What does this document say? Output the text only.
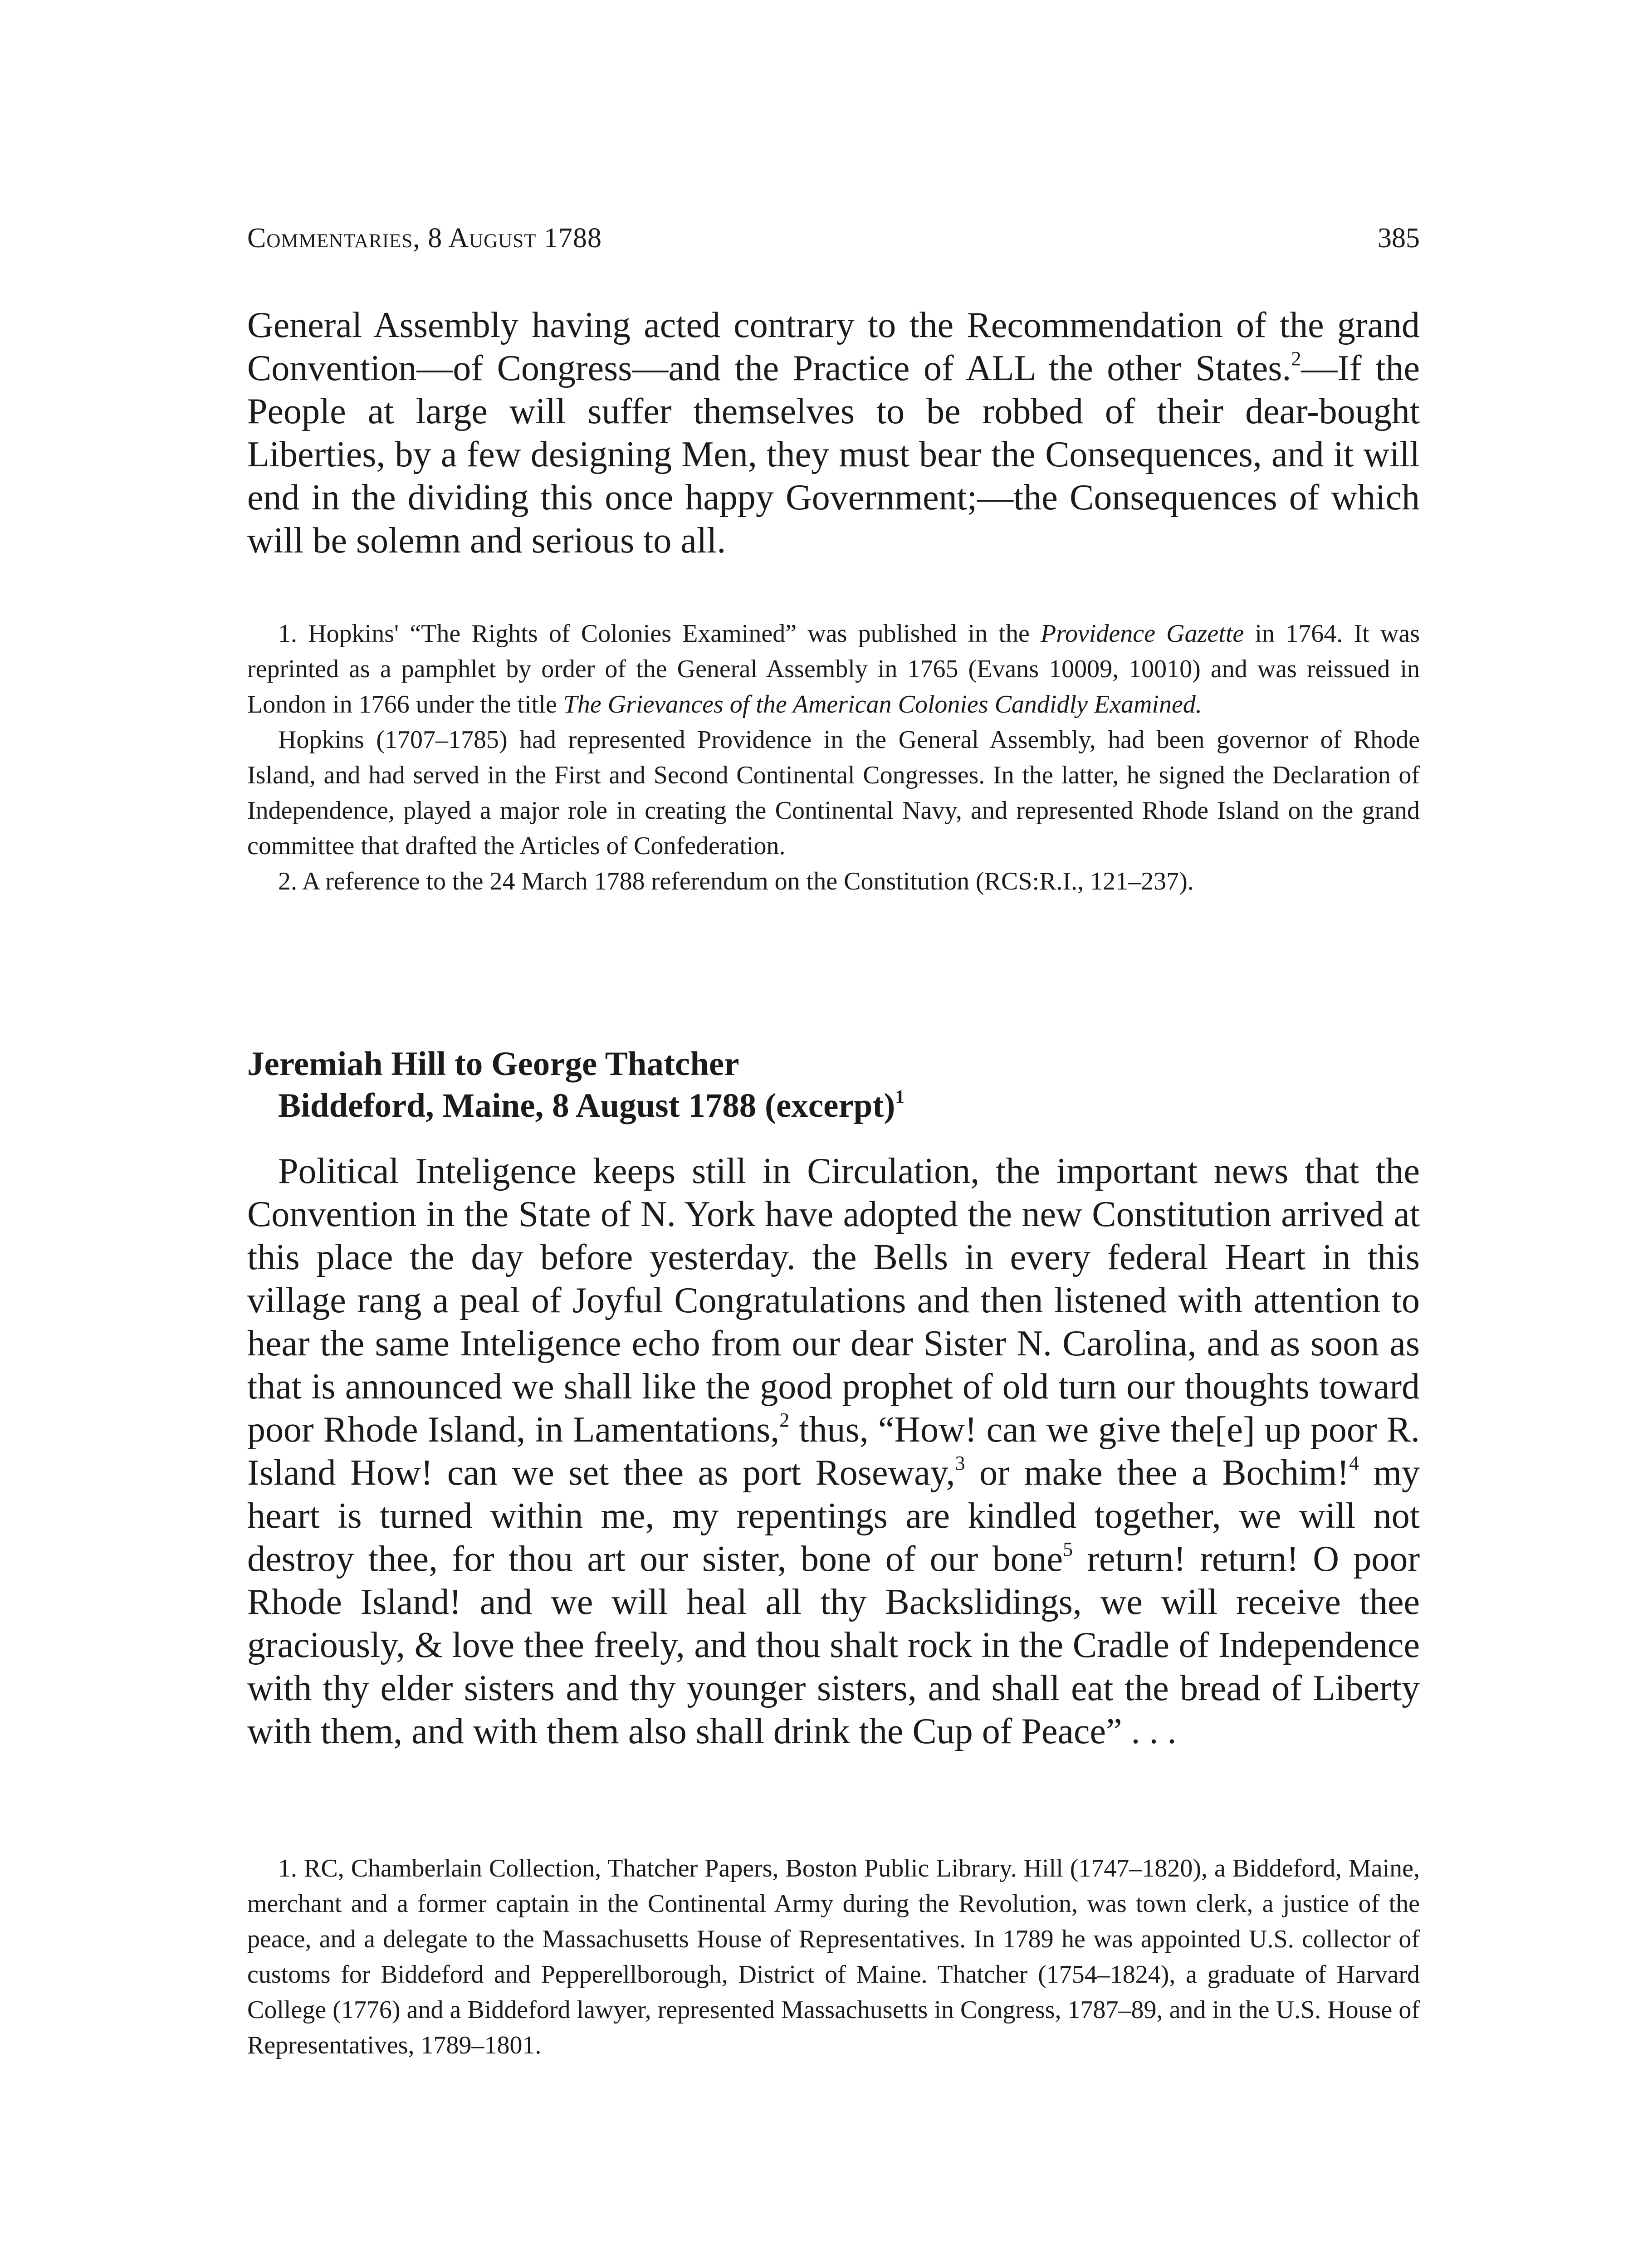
Commentaries, 8 August 1788	385

General Assembly having acted contrary to the Recommendation of the grand Convention—of Congress—and the Practice of ALL the other States.$^2$—If the People at large will suffer themselves to be robbed of their dear-bought Liberties, by a few designing Men, they must bear the Consequences, and it will end in the dividing this once happy Government;—the Consequences of which will be solemn and serious to all.

1. Hopkins' “The Rights of Colonies Examined” was published in the Providence Gazette in 1764. It was reprinted as a pamphlet by order of the General Assembly in 1765 (Evans 10009, 10010) and was reissued in London in 1766 under the title The Grievances of the American Colonies Candidly Examined.

Hopkins (1707–1785) had represented Providence in the General Assembly, had been governor of Rhode Island, and had served in the First and Second Continental Congresses. In the latter, he signed the Declaration of Independence, played a major role in creating the Continental Navy, and represented Rhode Island on the grand committee that drafted the Articles of Confederation.

2. A reference to the 24 March 1788 referendum on the Constitution (RCS:R.I., 121–237).

Jeremiah Hill to George Thatcher
Biddeford, Maine, 8 August 1788 (excerpt)$^1$

Political Inteligence keeps still in Circulation, the important news that the Convention in the State of N. York have adopted the new Constitution arrived at this place the day before yesterday. the Bells in every federal Heart in this village rang a peal of Joyful Congratulations and then listened with attention to hear the same Inteligence echo from our dear Sister N. Carolina, and as soon as that is announced we shall like the good prophet of old turn our thoughts toward poor Rhode Island, in Lamentations,$^2$ thus, “How! can we give the[e] up poor R. Island How! can we set thee as port Roseway,$^3$ or make thee a Bochim!$^4$ my heart is turned within me, my repentings are kindled together, we will not destroy thee, for thou art our sister, bone of our bone$^5$ return! return! O poor Rhode Island! and we will heal all thy Backslidings, we will receive thee graciously, & love thee freely, and thou shalt rock in the Cradle of Independence with thy elder sisters and thy younger sisters, and shall eat the bread of Liberty with them, and with them also shall drink the Cup of Peace” . . .

1. RC, Chamberlain Collection, Thatcher Papers, Boston Public Library. Hill (1747–1820), a Biddeford, Maine, merchant and a former captain in the Continental Army during the Revolution, was town clerk, a justice of the peace, and a delegate to the Massachusetts House of Representatives. In 1789 he was appointed U.S. collector of customs for Biddeford and Pepperellborough, District of Maine. Thatcher (1754–1824), a graduate of Harvard College (1776) and a Biddeford lawyer, represented Massachusetts in Congress, 1787–89, and in the U.S. House of Representatives, 1789–1801.
